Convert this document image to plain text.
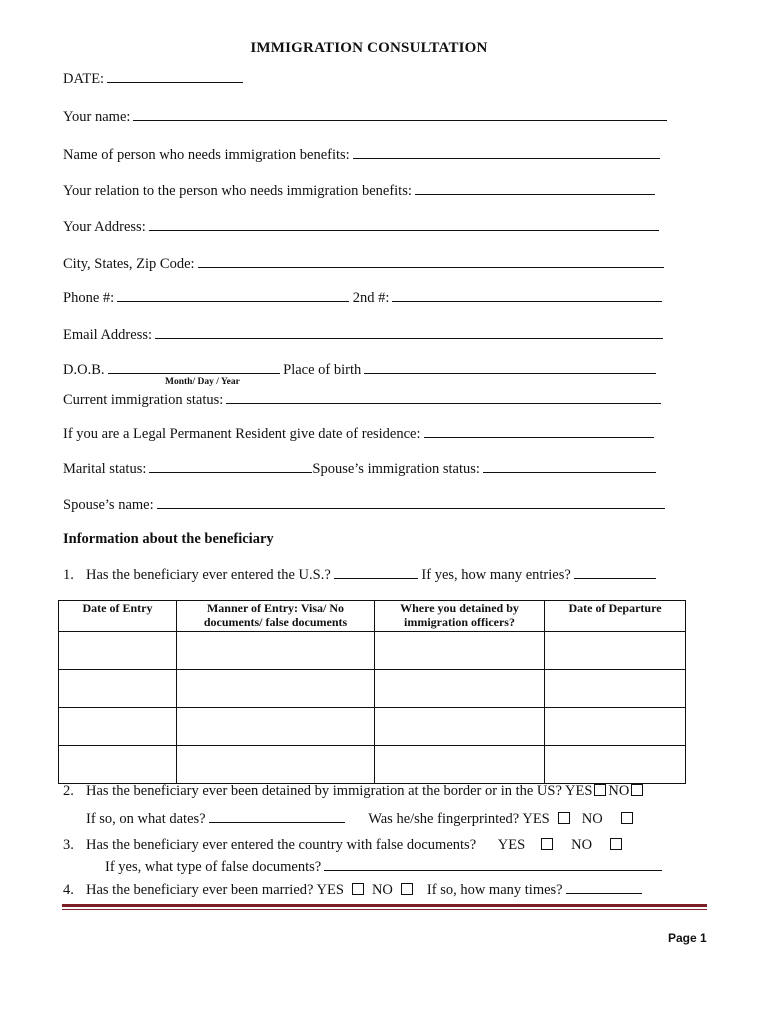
IMMIGRATION CONSULTATION
DATE:
Your name:
Name of person who needs immigration benefits:
Your relation to the person who needs immigration benefits:
Your Address:
City, States, Zip Code:
Phone #:	2nd #:
Email Address:
D.O.B.	Place of birth
Month/ Day / Year
Current immigration status:
If you are a Legal Permanent Resident give date of residence:
Marital status:	Spouse’s immigration status:
Spouse’s name:
Information about the beneficiary
1. Has the beneficiary ever entered the U.S.?	If yes, how many entries?
Date of Entry	Manner of Entry: Visa/ No documents/ false documents	Where you detained by immigration officers?	Date of Departure

2. Has the beneficiary ever been detained by immigration at the border or in the US? YES NO
If so, on what dates?	Was he/she fingerprinted? YES NO
3. Has the beneficiary ever entered the country with false documents? YES	NO
If yes, what type of false documents?
4. Has the beneficiary ever been married? YES NO If so, how many times?
Page 1
